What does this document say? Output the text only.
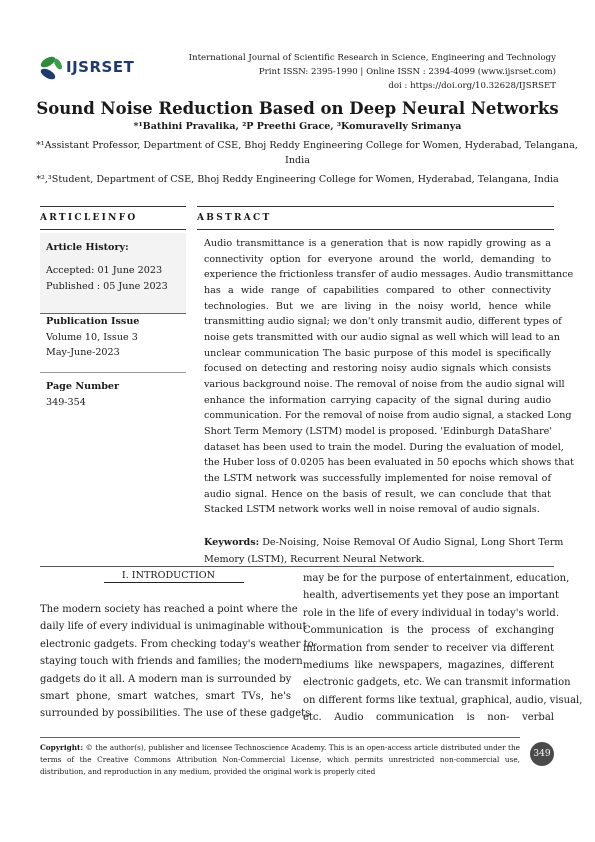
IJSRSET	International Journal of Scientific Research in Science, Engineering and Technology
Print ISSN: 2395-1990 | Online ISSN : 2394-4099 (www.ijsrset.com)
doi : https://doi.org/10.32628/IJSRSET
Sound Noise Reduction Based on Deep Neural Networks
*¹Bathini Pravalika, ²P Preethi Grace, ³Komuravelly Srimanya
*¹Assistant Professor, Department of CSE, Bhoj Reddy Engineering College for Women, Hyderabad, Telangana,
India
*²,³Student, Department of CSE, Bhoj Reddy Engineering College for Women, Hyderabad, Telangana, India
ARTICLEINFO	ABSTRACT
Article History:
Accepted: 01 June 2023
Published : 05 June 2023
Publication Issue
Volume 10, Issue 3
May-June-2023
Page Number
349-354
Audio transmittance is a generation that is now rapidly growing as a
connectivity option for everyone around the world, demanding to
experience the frictionless transfer of audio messages. Audio transmittance
has a wide range of capabilities compared to other connectivity
technologies. But we are living in the noisy world, hence while
transmitting audio signal; we don't only transmit audio, different types of
noise gets transmitted with our audio signal as well which will lead to an
unclear communication The basic purpose of this model is specifically
focused on detecting and restoring noisy audio signals which consists
various background noise. The removal of noise from the audio signal will
enhance the information carrying capacity of the signal during audio
communication. For the removal of noise from audio signal, a stacked Long
Short Term Memory (LSTM) model is proposed. 'Edinburgh DataShare'
dataset has been used to train the model. During the evaluation of model,
the Huber loss of 0.0205 has been evaluated in 50 epochs which shows that
the LSTM network was successfully implemented for noise removal of
audio signal. Hence on the basis of result, we can conclude that that
Stacked LSTM network works well in noise removal of audio signals.
Keywords: De-Noising, Noise Removal Of Audio Signal, Long Short Term
Memory (LSTM), Recurrent Neural Network.
I. INTRODUCTION
The modern society has reached a point where the
daily life of every individual is unimaginable without
electronic gadgets. From checking today's weather to
staying touch with friends and families; the modern
gadgets do it all. A modern man is surrounded by
smart phone, smart watches, smart TVs, he's
surrounded by possibilities. The use of these gadgets
may be for the purpose of entertainment, education,
health, advertisements yet they pose an important
role in the life of every individual in today's world.
Communication is the process of exchanging
information from sender to receiver via different
mediums like newspapers, magazines, different
electronic gadgets, etc. We can transmit information
on different forms like textual, graphical, audio, visual,
etc. Audio communication is non- verbal
Copyright: © the author(s), publisher and licensee Technoscience Academy. This is an open-access article distributed under the terms of the Creative Commons Attribution Non-Commercial License, which permits unrestricted non-commercial use, distribution, and reproduction in any medium, provided the original work is properly cited
349
